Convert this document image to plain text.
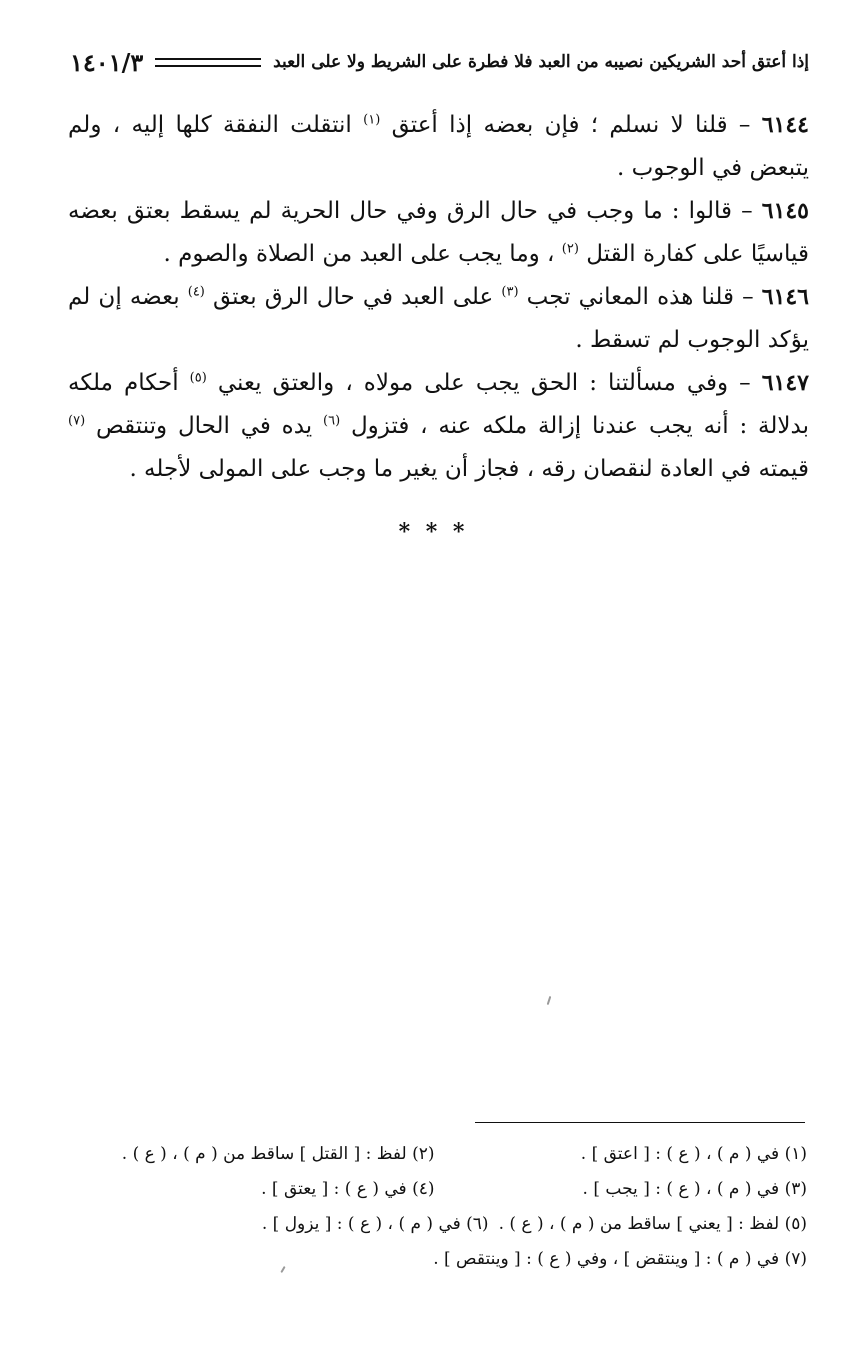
إذا أعتق أحد الشريكين نصيبه من العبد فلا فطرة على الشريط ولا على العبد
١٤٠١/٣

٦١٤٤ – قلنا لا نسلم ؛ فإن بعضه إذا أعتق $^{(١)}$ انتقلت النفقة كلها إليه ، ولم يتبعض في الوجوب .

٦١٤٥ – قالوا : ما وجب في حال الرق وفي حال الحرية لم يسقط بعتق بعضه قياسيًا على كفارة القتل $^{(٢)}$ ، وما يجب على العبد من الصلاة والصوم .

٦١٤٦ – قلنا هذه المعاني تجب $^{(٣)}$ على العبد في حال الرق بعتق $^{(٤)}$ بعضه إن لم يؤكد الوجوب لم تسقط .

٦١٤٧ – وفي مسألتنا : الحق يجب على مولاه ، والعتق يعني $^{(٥)}$ أحكام ملكه بدلالة : أنه يجب عندنا إزالة ملكه عنه ، فتزول $^{(٦)}$ يده في الحال وتنتقص $^{(٧)}$ قيمته في العادة لنقصان رقه ، فجاز أن يغير ما وجب على المولى لأجله .

* * *
(١) في ( م ) ، ( ع ) : [ اعتق ] .
(٢) لفظ : [ القتل ] ساقط من ( م ) ، ( ع ) .
(٣) في ( م ) ، ( ع ) : [ يجب ] .
(٤) في ( ع ) : [ يعتق ] .
(٥) لفظ : [ يعني ] ساقط من ( م ) ، ( ع ) .
(٦) في ( م ) ، ( ع ) : [ يزول ] .
(٧) في ( م ) : [ وينتقض ] ، وفي ( ع ) : [ وينتقص ] .
